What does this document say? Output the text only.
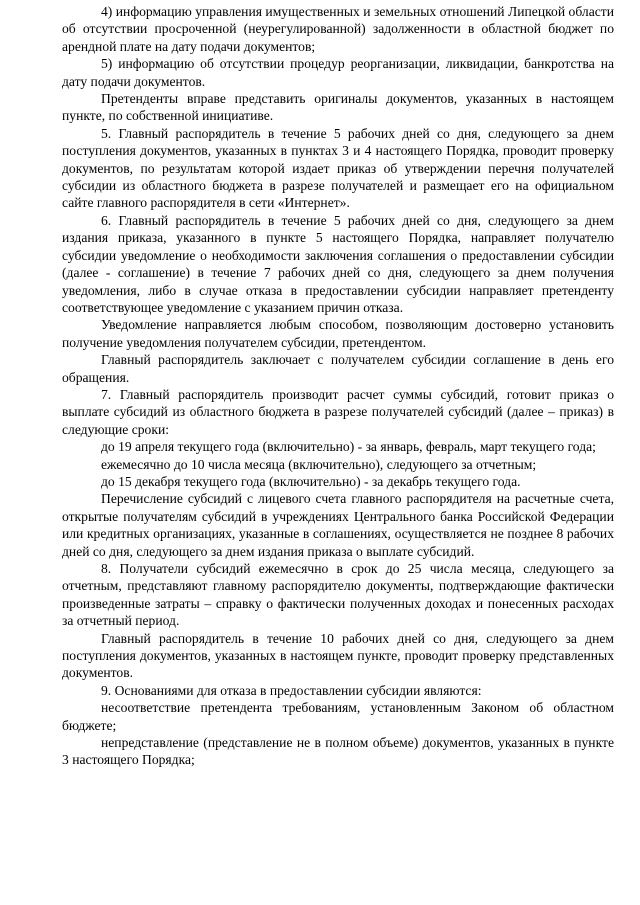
4) информацию управления имущественных и земельных отношений Липецкой области об отсутствии просроченной (неурегулированной) задолженности в областной бюджет по арендной плате на дату подачи документов;

5) информацию об отсутствии процедур реорганизации, ликвидации, банкротства на дату подачи документов.

Претенденты вправе представить оригиналы документов, указанных в настоящем пункте, по собственной инициативе.

5. Главный распорядитель в течение 5 рабочих дней со дня, следующего за днем поступления документов, указанных в пунктах 3 и 4 настоящего Порядка, проводит проверку документов, по результатам которой издает приказ об утверждении перечня получателей субсидии из областного бюджета в разрезе получателей и размещает его на официальном сайте главного распорядителя в сети «Интернет».

6. Главный распорядитель в течение 5 рабочих дней со дня, следующего за днем издания приказа, указанного в пункте 5 настоящего Порядка, направляет получателю субсидии уведомление о необходимости заключения соглашения о предоставлении субсидии (далее - соглашение) в течение 7 рабочих дней со дня, следующего за днем получения уведомления, либо в случае отказа в предоставлении субсидии направляет претенденту соответствующее уведомление с указанием причин отказа.

Уведомление направляется любым способом, позволяющим достоверно установить получение уведомления получателем субсидии, претендентом.

Главный распорядитель заключает с получателем субсидии соглашение в день его обращения.

7. Главный распорядитель производит расчет суммы субсидий, готовит приказ о выплате субсидий из областного бюджета в разрезе получателей субсидий (далее – приказ) в следующие сроки:

до 19 апреля текущего года (включительно) - за январь, февраль, март текущего года;

ежемесячно до 10 числа месяца (включительно), следующего за отчетным;

до 15 декабря текущего года (включительно) - за декабрь текущего года.

Перечисление субсидий с лицевого счета главного распорядителя на расчетные счета, открытые получателям субсидий в учреждениях Центрального банка Российской Федерации или кредитных организациях, указанные в соглашениях, осуществляется не позднее 8 рабочих дней со дня, следующего за днем издания приказа о выплате субсидий.

8. Получатели субсидий ежемесячно в срок до 25 числа месяца, следующего за отчетным, представляют главному распорядителю документы, подтверждающие фактически произведенные затраты – справку о фактически полученных доходах и понесенных расходах за отчетный период.

Главный распорядитель в течение 10 рабочих дней со дня, следующего за днем поступления документов, указанных в настоящем пункте, проводит проверку представленных документов.

9. Основаниями для отказа в предоставлении субсидии являются:

несоответствие претендента требованиям, установленным Законом об областном бюджете;

непредставление (представление не в полном объеме) документов, указанных в пункте 3 настоящего Порядка;
